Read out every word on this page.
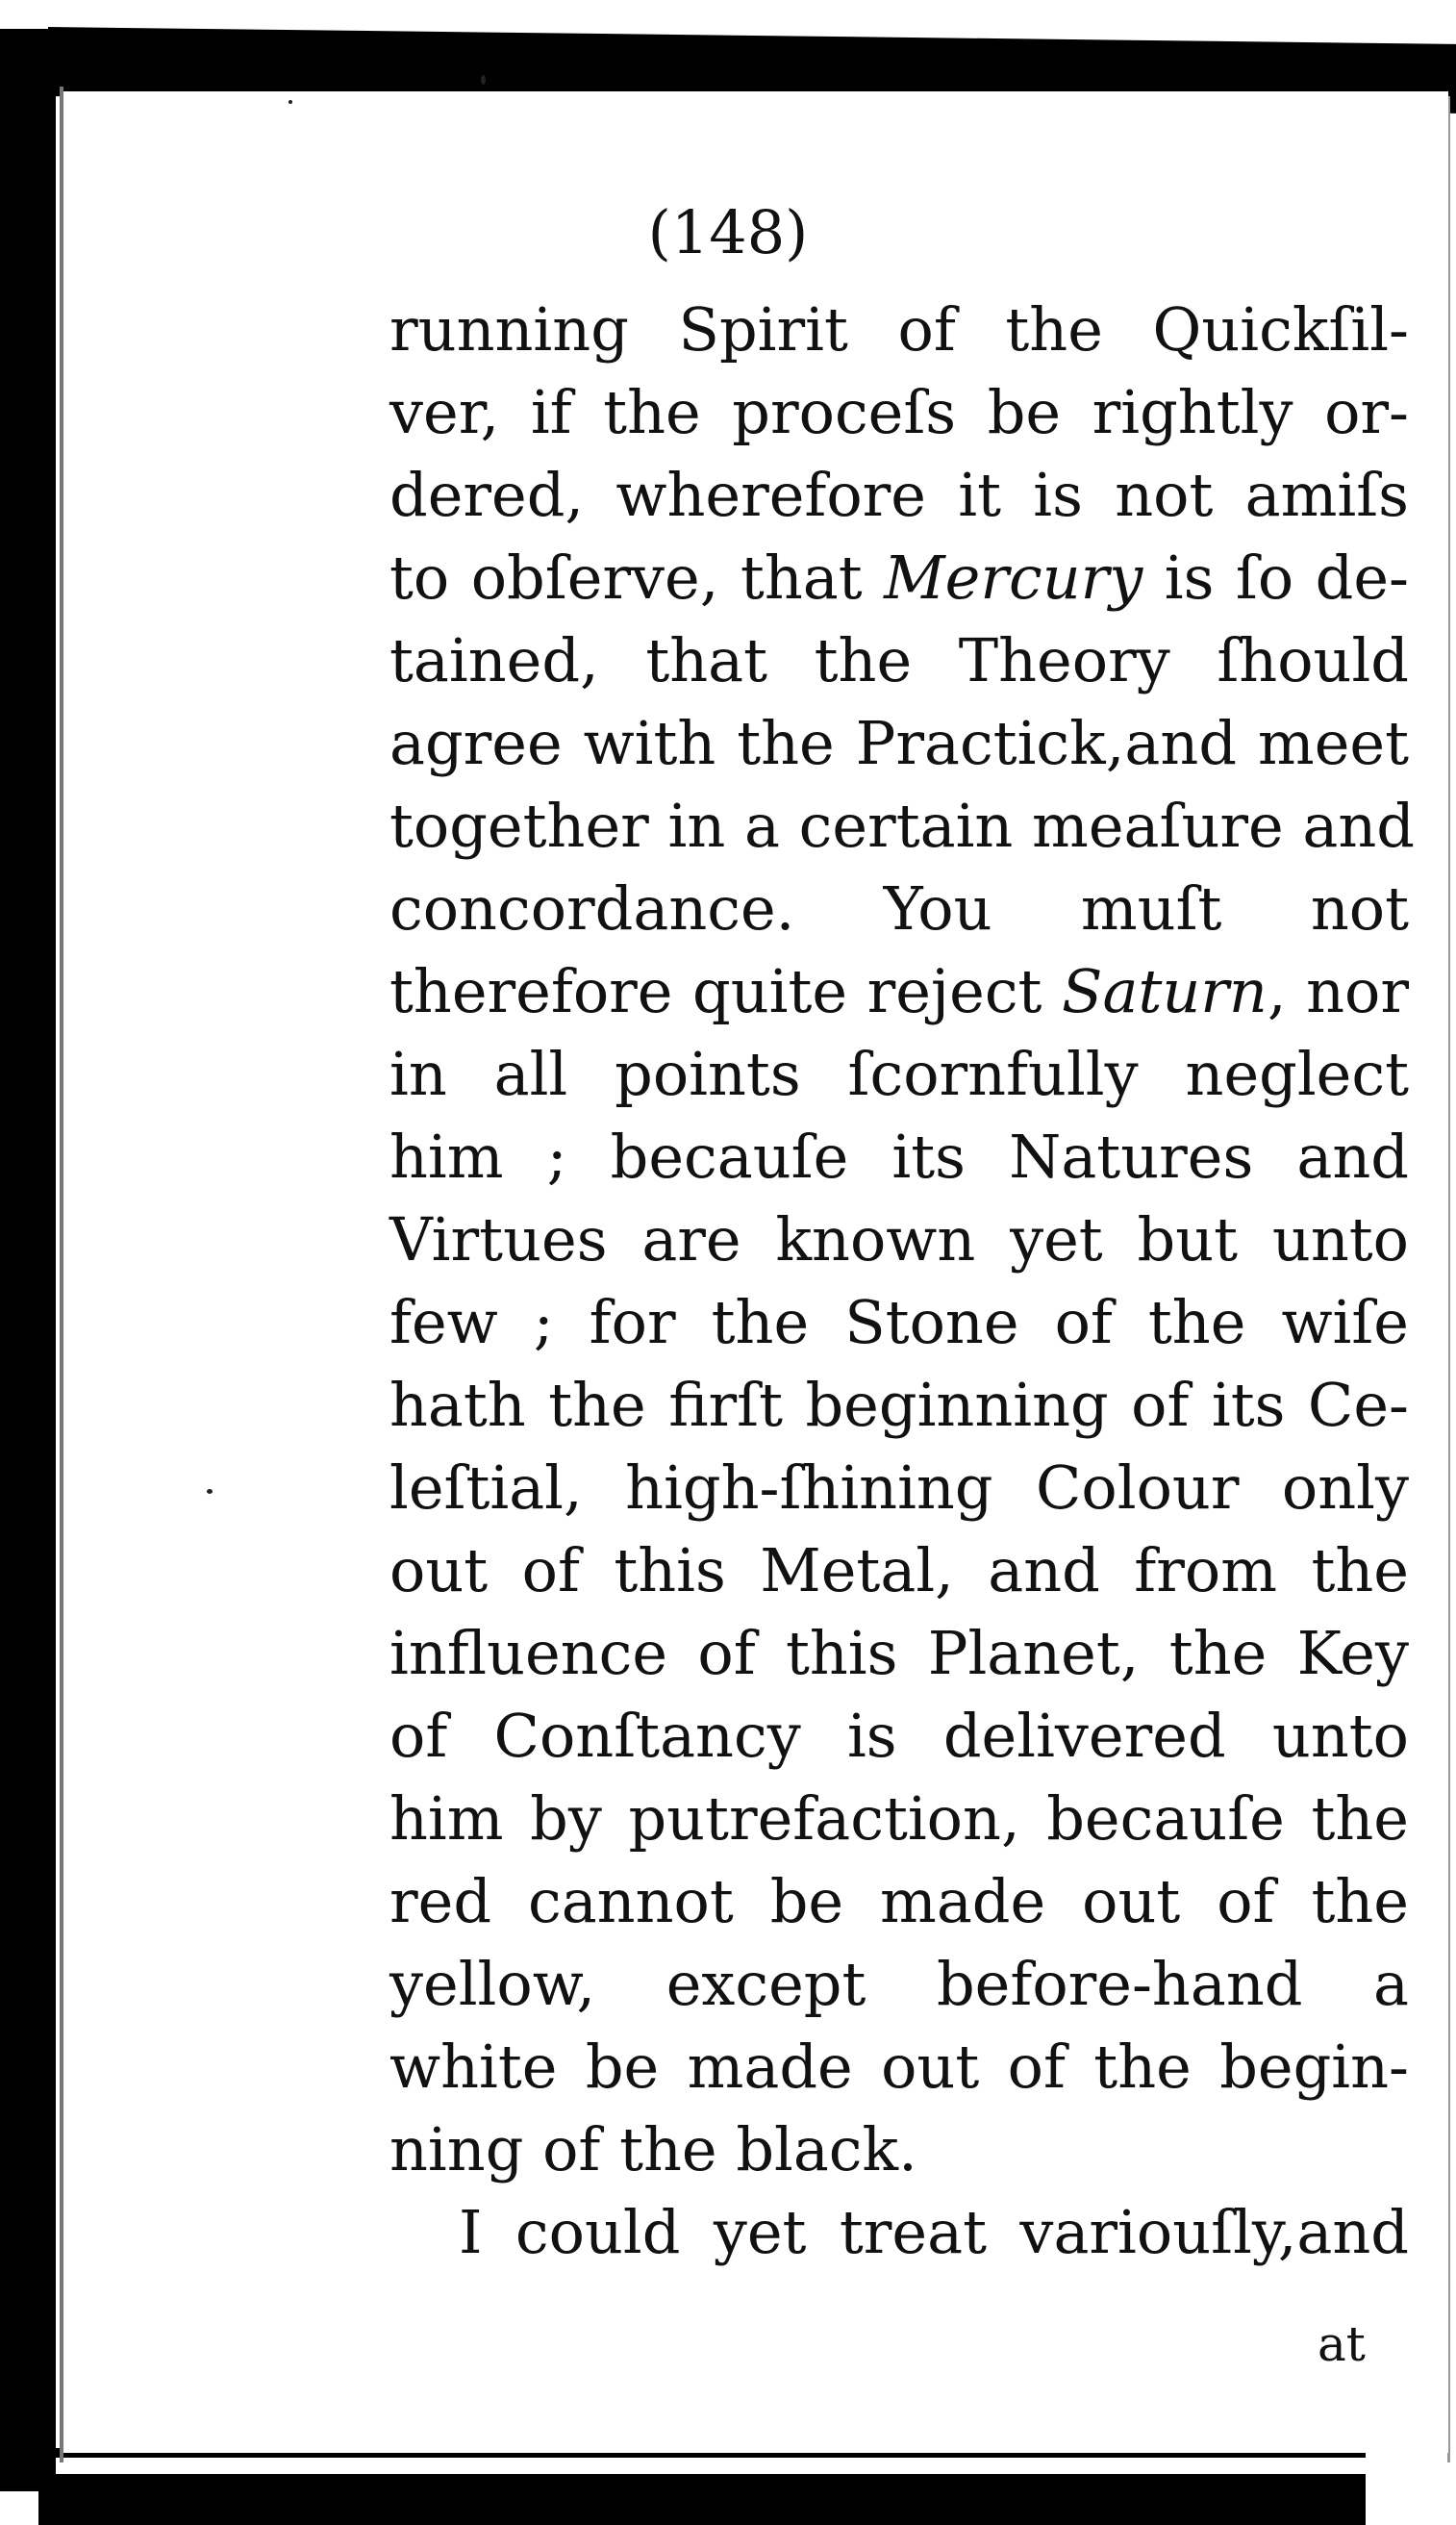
(148)
running Spirit of the Quickſil-
ver, if the proceſs be rightly or-
dered, wherefore it is not amiſs
to obſerve, that Mercury is ſo de-
tained, that the Theory ſhould
agree with the Practick,and meet
together in a certain meaſure and
concordance. You muſt not
therefore quite reject Saturn, nor
in all points ſcornfully neglect
him ; becauſe its Natures and
Virtues are known yet but unto
few ; for the Stone of the wiſe
hath the firſt beginning of its Ce-
leſtial, high-ſhining Colour only
out of this Metal, and from the
influence of this Planet, the Key
of Conſtancy is delivered unto
him by putrefaction, becauſe the
red cannot be made out of the
yellow, except before-hand a
white be made out of the begin-
ning of the black.
I could yet treat variouſly,and
at
